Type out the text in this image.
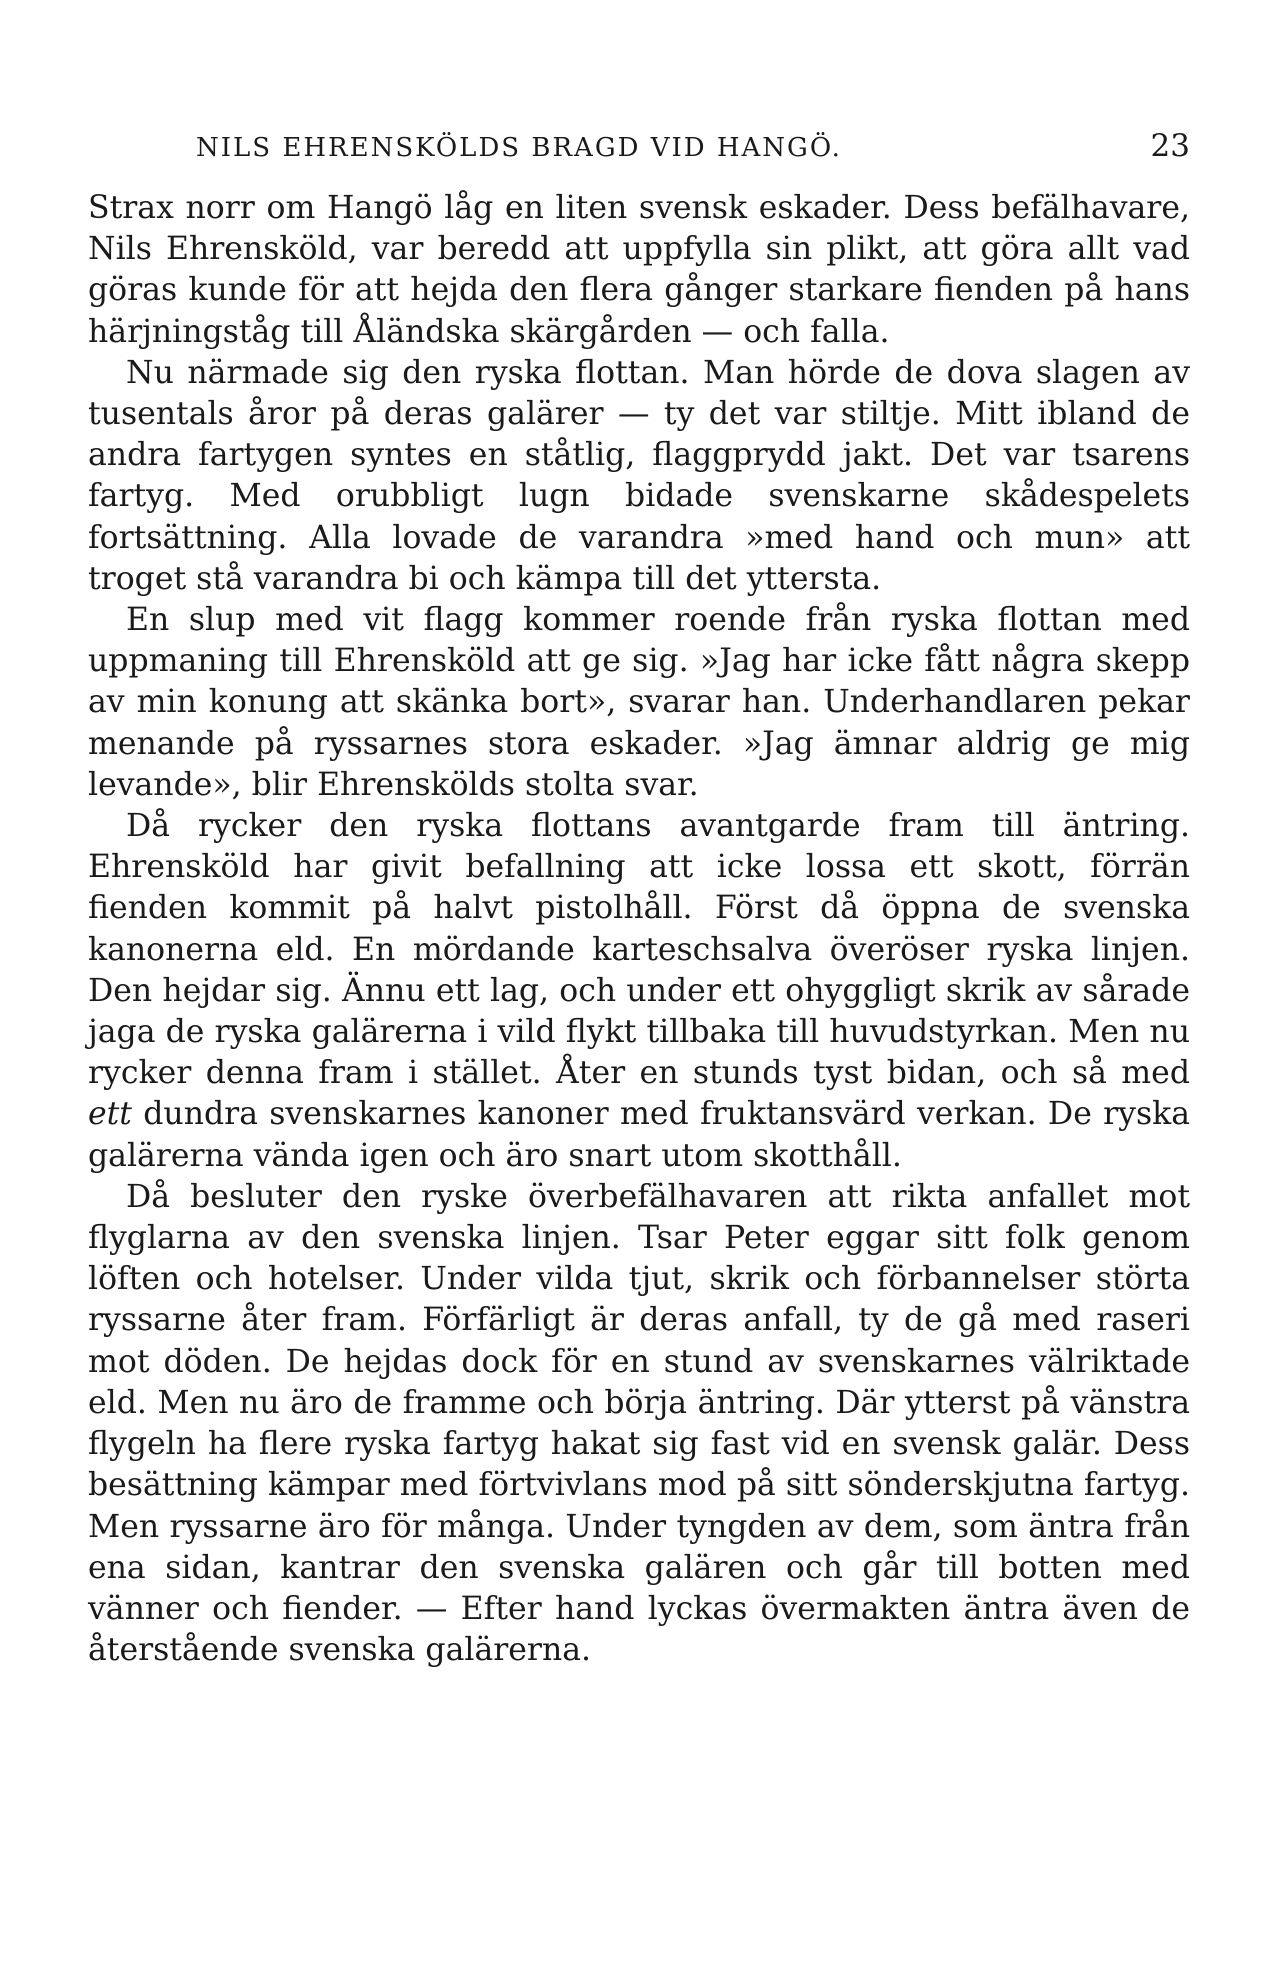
NILS EHRENSKÖLDS BRAGD VID HANGÖ.	23

Strax norr om Hangö låg en liten svensk eskader. Dess befälhavare, Nils Ehrensköld, var beredd att uppfylla sin plikt, att göra allt vad göras kunde för att hejda den flera gånger starkare fienden på hans härjningståg till Åländska skärgården — och falla.

Nu närmade sig den ryska flottan. Man hörde de dova slagen av tusentals åror på deras galärer — ty det var stiltje. Mitt ibland de andra fartygen syntes en ståtlig, flaggprydd jakt. Det var tsarens fartyg. Med orubbligt lugn bidade svenskarne skådespelets fortsättning. Alla lovade de varandra »med hand och mun» att troget stå varandra bi och kämpa till det yttersta.

En slup med vit flagg kommer roende från ryska flottan med uppmaning till Ehrensköld att ge sig. »Jag har icke fått några skepp av min konung att skänka bort», svarar han. Underhandlaren pekar menande på ryssarnes stora eskader. »Jag ämnar aldrig ge mig levande», blir Ehrenskölds stolta svar.

Då rycker den ryska flottans avantgarde fram till äntring. Ehrensköld har givit befallning att icke lossa ett skott, förrän fienden kommit på halvt pistolhåll. Först då öppna de svenska kanonerna eld. En mördande karteschsalva överöser ryska linjen. Den hejdar sig. Ännu ett lag, och under ett ohyggligt skrik av sårade jaga de ryska galärerna i vild flykt tillbaka till huvudstyrkan. Men nu rycker denna fram i stället. Åter en stunds tyst bidan, och så med ett dundra svenskarnes kanoner med fruktansvärd verkan. De ryska galärerna vända igen och äro snart utom skotthåll.

Då besluter den ryske överbefälhavaren att rikta anfallet mot flyglarna av den svenska linjen. Tsar Peter eggar sitt folk genom löften och hotelser. Under vilda tjut, skrik och förbannelser störta ryssarne åter fram. Förfärligt är deras anfall, ty de gå med raseri mot döden. De hejdas dock för en stund av svenskarnes välriktade eld. Men nu äro de framme och börja äntring. Där ytterst på vänstra flygeln ha flere ryska fartyg hakat sig fast vid en svensk galär. Dess besättning kämpar med förtvivlans mod på sitt sönderskjutna fartyg. Men ryssarne äro för många. Under tyngden av dem, som äntra från ena sidan, kantrar den svenska galären och går till botten med vänner och fiender. — Efter hand lyckas övermakten äntra även de återstående svenska galärerna.
